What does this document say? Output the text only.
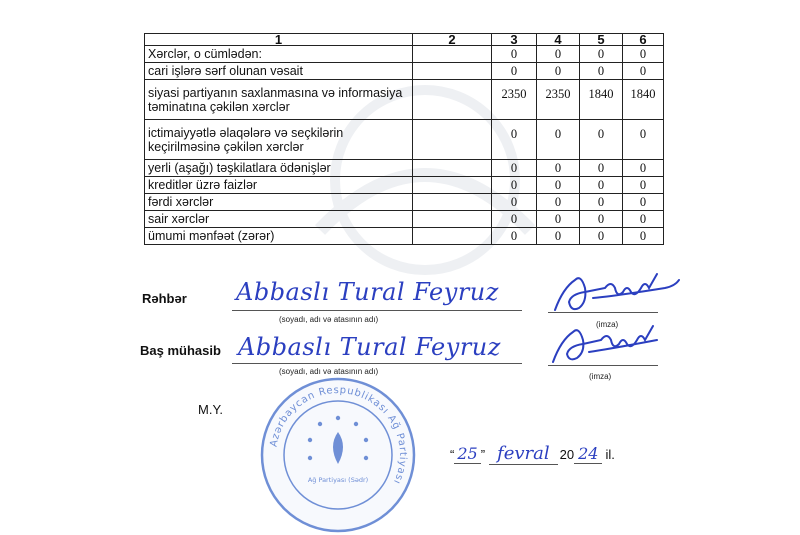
1	2	3	4	5	6
Xərclər, o cümlədən:		0	0	0	0
cari işlərə sərf olunan vəsait		0	0	0	0
siyasi partiyanın saxlanmasına və informasiya təminatına çəkilən xərclər		2350	2350	1840	1840
ictimaiyyətlə əlaqələrə və seçkilərin keçirilməsinə çəkilən xərclər		0	0	0	0
yerli (aşağı) təşkilatlara ödənişlər		0	0	0	0
kreditlər üzrə faizlər		0	0	0	0
fərdi xərclər		0	0	0	0
sair xərclər		0	0	0	0
ümumi mənfəət (zərər)		0	0	0	0
Rəhbər Abbaslı Tural Feyruz
(soyadı, adı və atasının adı)
(imza)
Baş mühasib Abbaslı Tural Feyruz
(soyadı, adı və atasının adı)
(imza)
M.Y.
Azərbaycan Respublikası Ağ Partiyası
Ağ Partiyası (Sədr)
“ 25 ” fevral 20 24 il.
